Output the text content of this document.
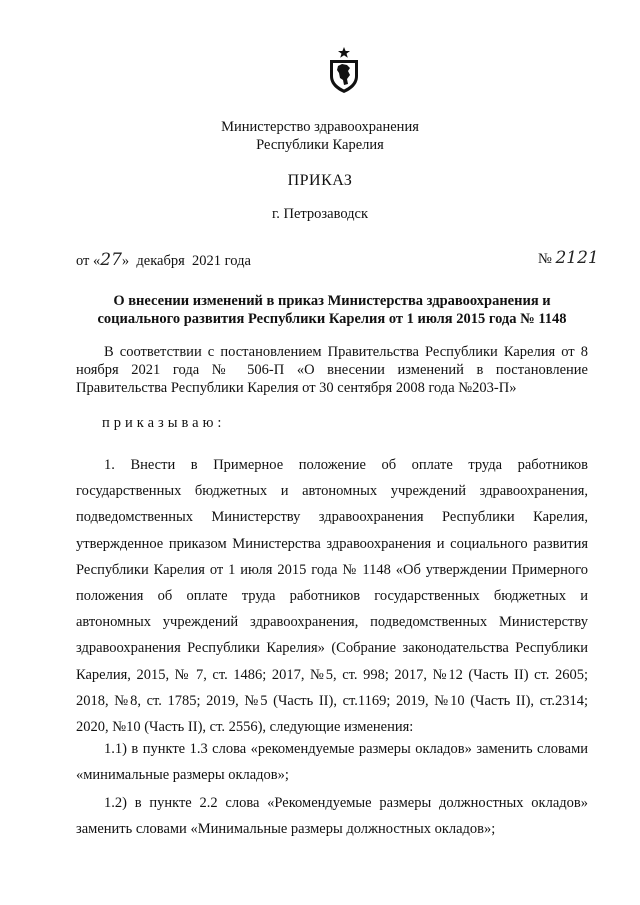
Министерство здравоохранения
Республики Карелия
ПРИКАЗ
г. Петрозаводск
от «27»  декабря  2021 года	№ 2121
О внесении изменений в приказ Министерства здравоохранения и социального развития Республики Карелия от 1 июля 2015 года № 1148
В соответствии с постановлением Правительства Республики Карелия от 8 ноября 2021 года № 506-П «О внесении изменений в постановление Правительства Республики Карелия от 30 сентября 2008 года №203-П»
приказываю:
1. Внести в Примерное положение об оплате труда работников государственных бюджетных и автономных учреждений здравоохранения, подведомственных Министерству здравоохранения Республики Карелия, утвержденное приказом Министерства здравоохранения и социального развития Республики Карелия от 1 июля 2015 года № 1148 «Об утверждении Примерного положения об оплате труда работников государственных бюджетных и автономных учреждений здравоохранения, подведомственных Министерству здравоохранения Республики Карелия» (Собрание законодательства Республики Карелия, 2015, № 7, ст. 1486; 2017, №5, ст. 998; 2017, №12 (Часть II) ст. 2605; 2018, №8, ст. 1785; 2019, №5 (Часть II), ст.1169; 2019, №10 (Часть II), ст.2314; 2020, №10 (Часть II), ст. 2556), следующие изменения:
1.1) в пункте 1.3 слова «рекомендуемые размеры окладов» заменить словами «минимальные размеры окладов»;
1.2) в пункте 2.2 слова «Рекомендуемые размеры должностных окладов» заменить словами «Минимальные размеры должностных окладов»;
